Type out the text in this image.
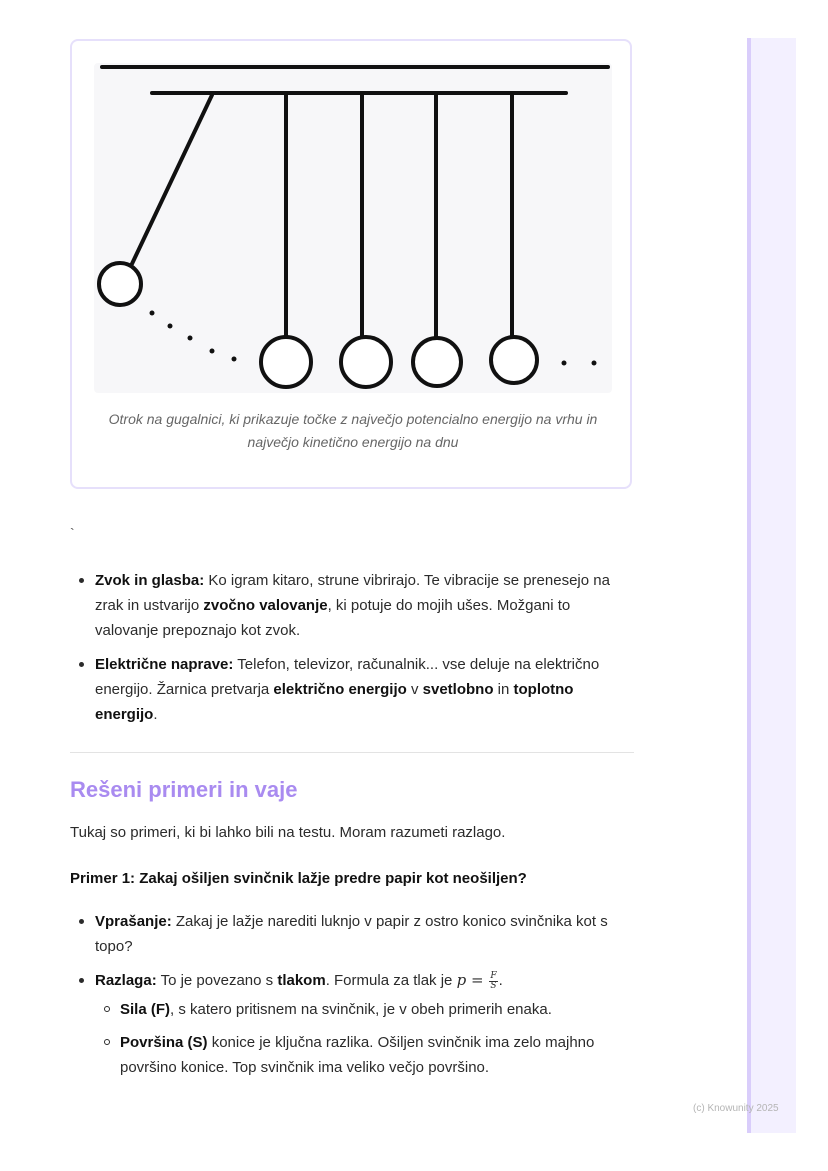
Otrok na gugalnici, ki prikazuje točke z največjo potencialno energijo na vrhu in največjo kinetično energijo na dnu
`
Zvok in glasba: Ko igram kitaro, strune vibrirajo. Te vibracije se prenesejo na zrak in ustvarijo zvočno valovanje, ki potuje do mojih ušes. Možgani to valovanje prepoznajo kot zvok.
Električne naprave: Telefon, televizor, računalnik... vse deluje na električno energijo. Žarnica pretvarja električno energijo v svetlobno in toplotno energijo.
Rešeni primeri in vaje
Tukaj so primeri, ki bi lahko bili na testu. Moram razumeti razlago.
Primer 1: Zakaj ošiljen svinčnik lažje predre papir kot neošiljen?
Vprašanje: Zakaj je lažje narediti luknjo v papir z ostro konico svinčnika kot s topo?
Razlaga: To je povezano s tlakom. Formula za tlak je $p = \frac{F}{S}$ .
Sila (F), s katero pritisnem na svinčnik, je v obeh primerih enaka.
Površina (S) konice je ključna razlika. Ošiljen svinčnik ima zelo majhno površino konice. Top svinčnik ima veliko večjo površino.
(c) Knowunity 2025
